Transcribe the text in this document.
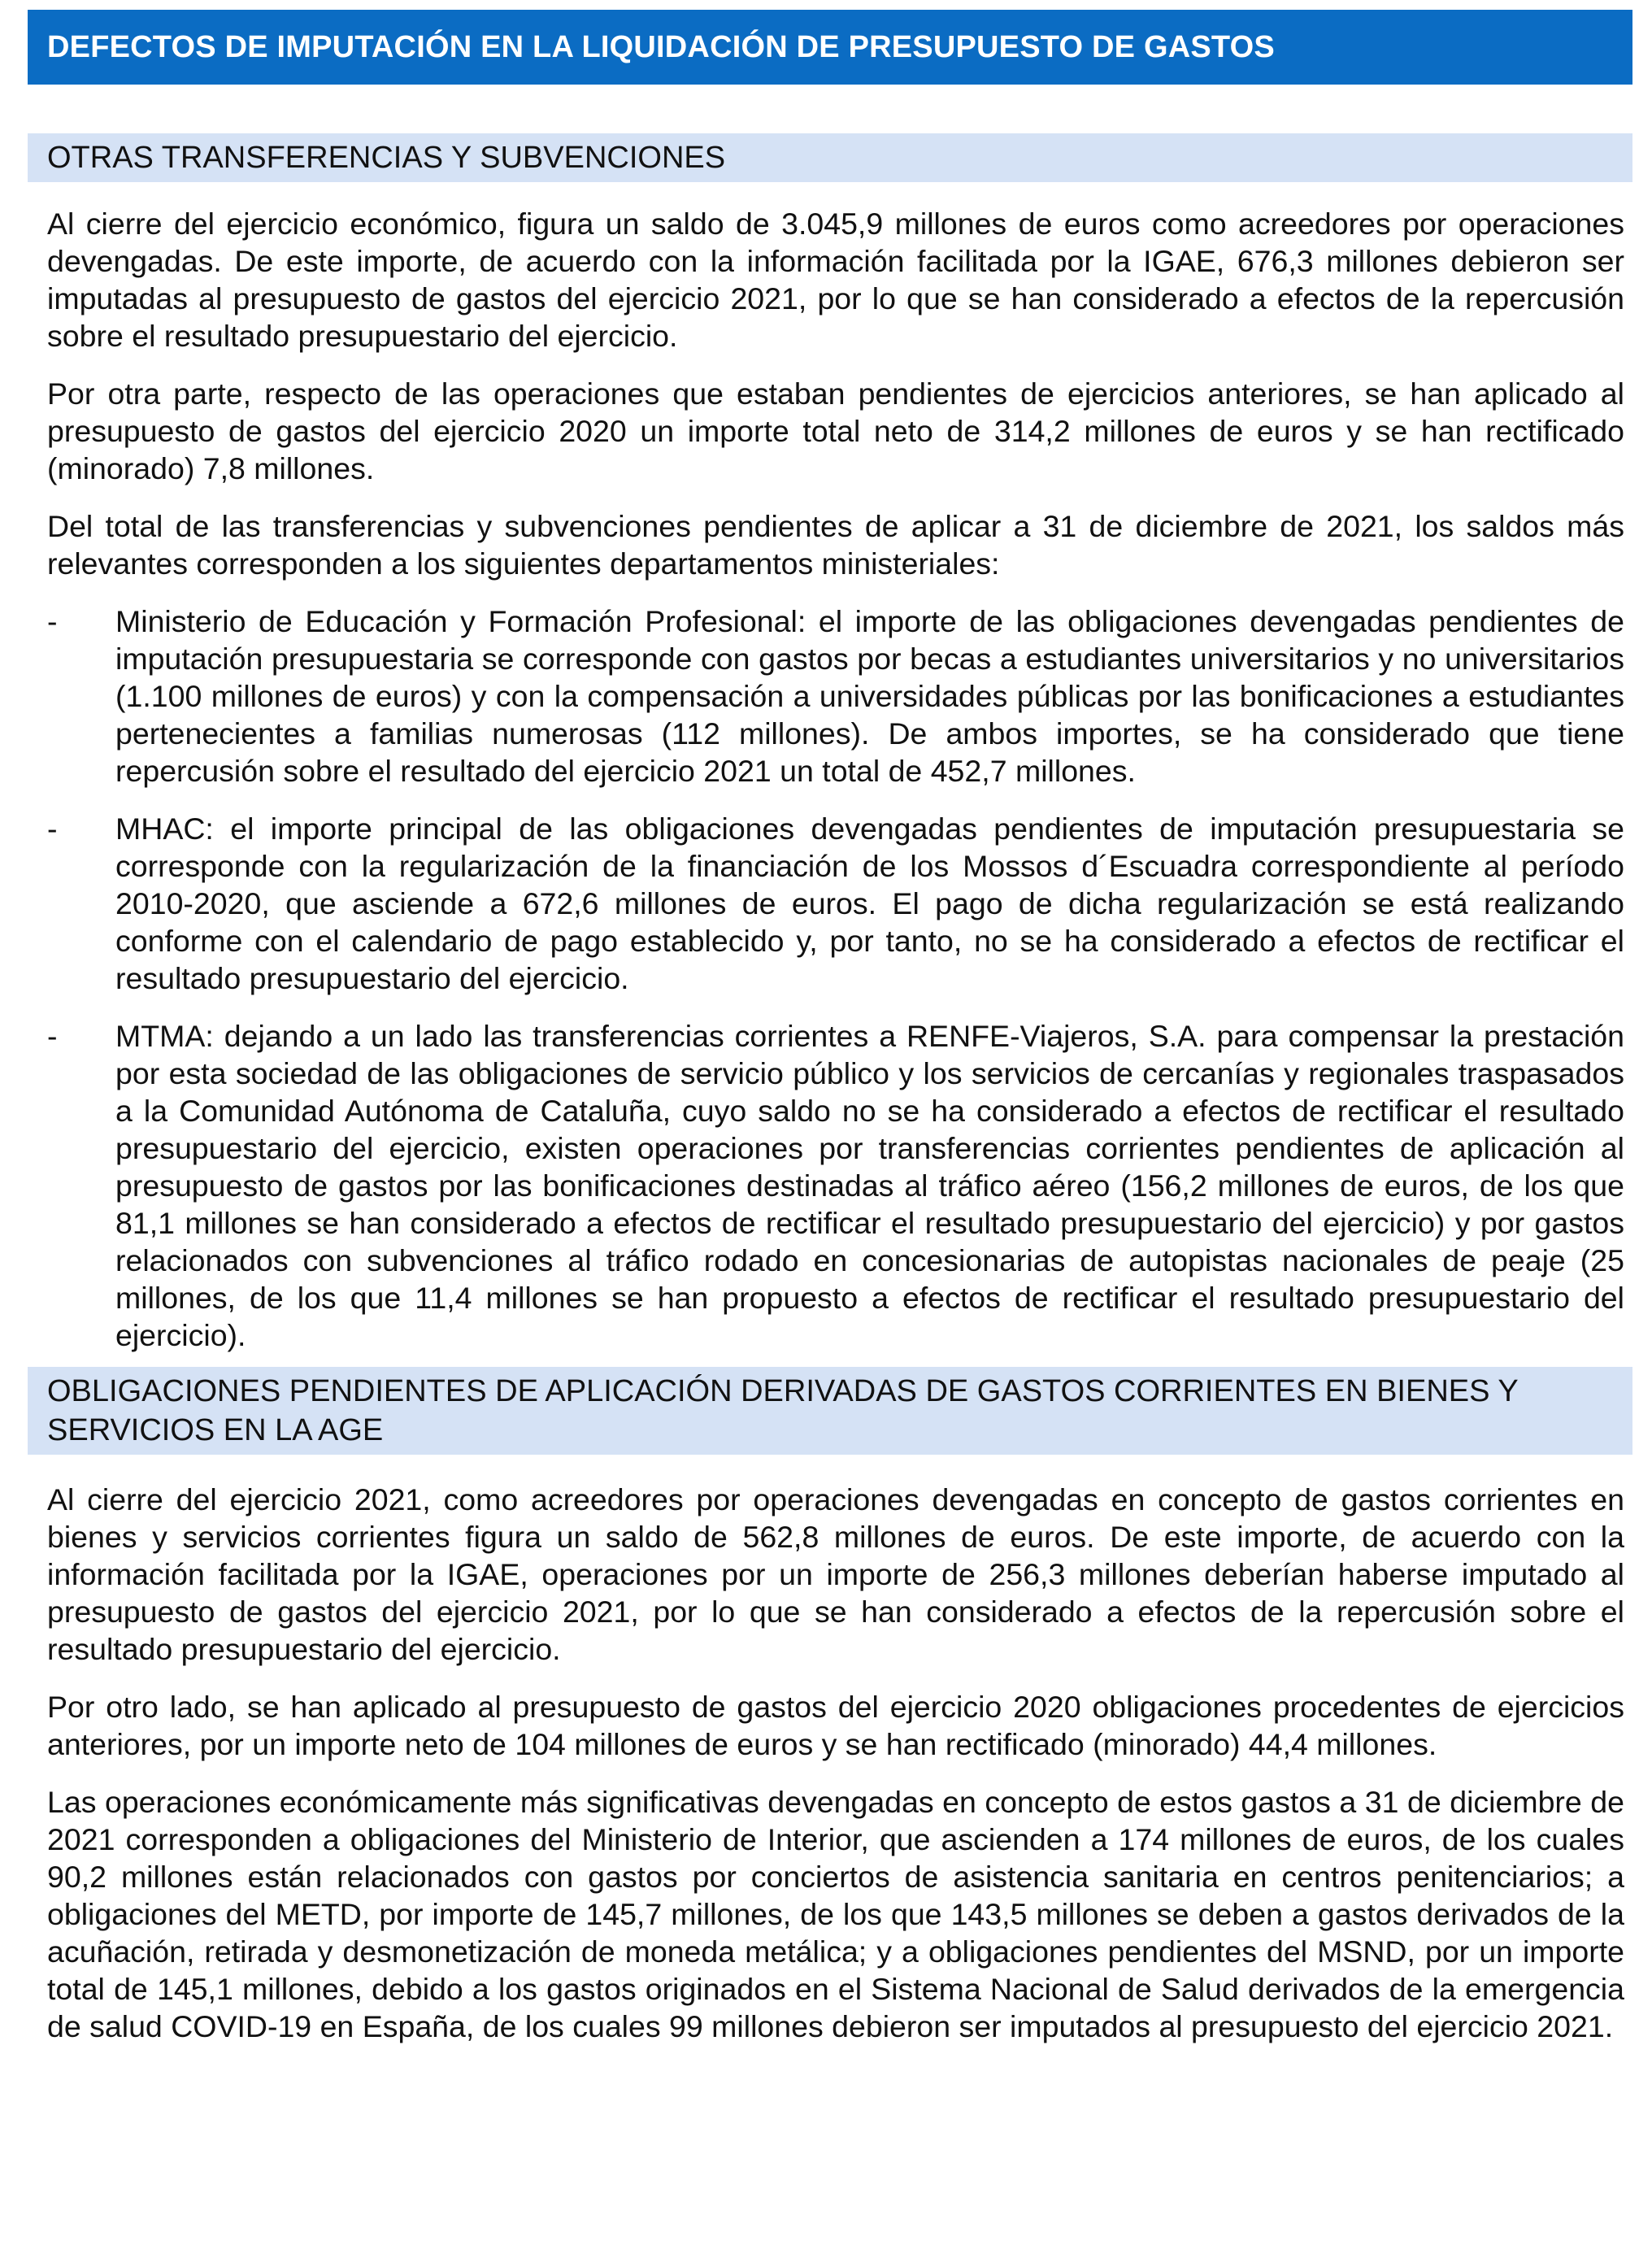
DEFECTOS DE IMPUTACIÓN EN LA LIQUIDACIÓN DE PRESUPUESTO DE GASTOS
OTRAS TRANSFERENCIAS Y SUBVENCIONES

Al cierre del ejercicio económico, figura un saldo de 3.045,9 millones de euros como acreedores por operaciones devengadas. De este importe, de acuerdo con la información facilitada por la IGAE, 676,3 millones debieron ser imputadas al presupuesto de gastos del ejercicio 2021, por lo que se han considerado a efectos de la repercusión sobre el resultado presupuestario del ejercicio.

Por otra parte, respecto de las operaciones que estaban pendientes de ejercicios anteriores, se han aplicado al presupuesto de gastos del ejercicio 2020 un importe total neto de 314,2 millones de euros y se han rectificado (minorado) 7,8 millones.

Del total de las transferencias y subvenciones pendientes de aplicar a 31 de diciembre de 2021, los saldos más relevantes corresponden a los siguientes departamentos ministeriales:

-	Ministerio de Educación y Formación Profesional: el importe de las obligaciones devengadas pendientes de imputación presupuestaria se corresponde con gastos por becas a estudiantes universitarios y no universitarios (1.100 millones de euros) y con la compensación a universidades públicas por las bonificaciones a estudiantes pertenecientes a familias numerosas (112 millones). De ambos importes, se ha considerado que tiene repercusión sobre el resultado del ejercicio 2021 un total de 452,7 millones.
-	MHAC: el importe principal de las obligaciones devengadas pendientes de imputación presupuestaria se corresponde con la regularización de la financiación de los Mossos d´Escuadra correspondiente al período 2010-2020, que asciende a 672,6 millones de euros. El pago de dicha regularización se está realizando conforme con el calendario de pago establecido y, por tanto, no se ha considerado a efectos de rectificar el resultado presupuestario del ejercicio.
-	MTMA: dejando a un lado las transferencias corrientes a RENFE-Viajeros, S.A. para compensar la prestación por esta sociedad de las obligaciones de servicio público y los servicios de cercanías y regionales traspasados a la Comunidad Autónoma de Cataluña, cuyo saldo no se ha considerado a efectos de rectificar el resultado presupuestario del ejercicio, existen operaciones por transferencias corrientes pendientes de aplicación al presupuesto de gastos por las bonificaciones destinadas al tráfico aéreo (156,2 millones de euros, de los que 81,1 millones se han considerado a efectos de rectificar el resultado presupuestario del ejercicio) y por gastos relacionados con subvenciones al tráfico rodado en concesionarias de autopistas nacionales de peaje (25 millones, de los que 11,4 millones se han propuesto a efectos de rectificar el resultado presupuestario del ejercicio).
OBLIGACIONES PENDIENTES DE APLICACIÓN DERIVADAS DE GASTOS CORRIENTES EN BIENES Y SERVICIOS EN LA AGE

Al cierre del ejercicio 2021, como acreedores por operaciones devengadas en concepto de gastos corrientes en bienes y servicios corrientes figura un saldo de 562,8 millones de euros. De este importe, de acuerdo con la información facilitada por la IGAE, operaciones por un importe de 256,3 millones deberían haberse imputado al presupuesto de gastos del ejercicio 2021, por lo que se han considerado a efectos de la repercusión sobre el resultado presupuestario del ejercicio.

Por otro lado, se han aplicado al presupuesto de gastos del ejercicio 2020 obligaciones procedentes de ejercicios anteriores, por un importe neto de 104 millones de euros y se han rectificado (minorado) 44,4 millones.

Las operaciones económicamente más significativas devengadas en concepto de estos gastos a 31 de diciembre de 2021 corresponden a obligaciones del Ministerio de Interior, que ascienden a 174 millones de euros, de los cuales 90,2 millones están relacionados con gastos por conciertos de asistencia sanitaria en centros penitenciarios; a obligaciones del METD, por importe de 145,7 millones, de los que 143,5 millones se deben a gastos derivados de la acuñación, retirada y desmonetización de moneda metálica; y a obligaciones pendientes del MSND, por un importe total de 145,1 millones, debido a los gastos originados en el Sistema Nacional de Salud derivados de la emergencia de salud COVID-19 en España, de los cuales 99 millones debieron ser imputados al presupuesto del ejercicio 2021.
